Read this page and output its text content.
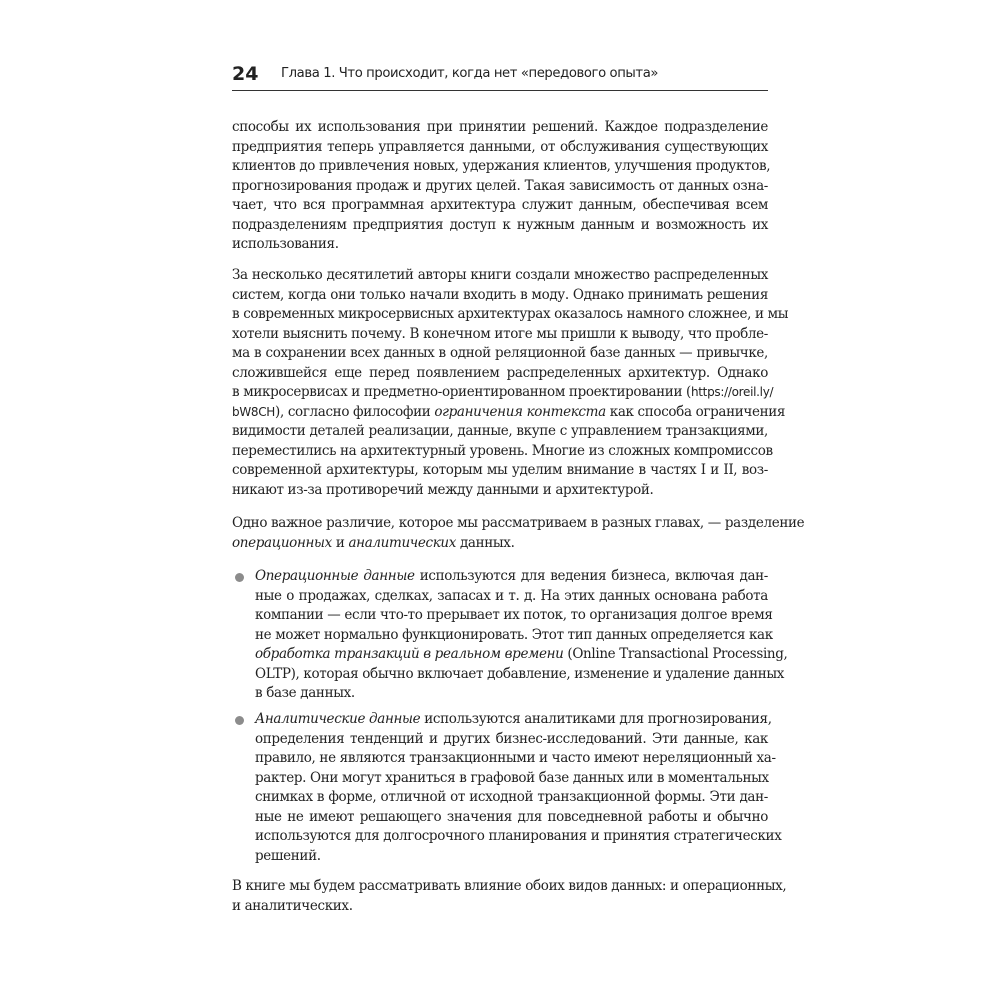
24 Глава 1. Что происходит, когда нет «передового опыта»
способы их использования при принятии решений. Каждое подразделение
предприятия теперь управляется данными, от обслуживания существующих
клиентов до привлечения новых, удержания клиентов, улучшения продуктов,
прогнозирования продаж и других целей. Такая зависимость от данных озна-
чает, что вся программная архитектура служит данным, обеспечивая всем
подразделениям предприятия доступ к нужным данным и возможность их
использования.
За несколько десятилетий авторы книги создали множество распределенных
систем, когда они только начали входить в моду. Однако принимать решения
в современных микросервисных архитектурах оказалось намного сложнее, и мы
хотели выяснить почему. В конечном итоге мы пришли к выводу, что пробле-
ма в сохранении всех данных в одной реляционной базе данных — привычке,
сложившейся еще перед появлением распределенных архитектур. Однако
в микросервисах и предметно-ориентированном проектировании (https://oreil.ly/
bW8CH), согласно философии ограничения контекста как способа ограничения
видимости деталей реализации, данные, вкупе с управлением транзакциями,
переместились на архитектурный уровень. Многие из сложных компромиссов
современной архитектуры, которым мы уделим внимание в частях I и II, воз-
никают из-за противоречий между данными и архитектурой.
Одно важное различие, которое мы рассматриваем в разных главах, — разделение
операционных и аналитических данных.
Операционные данные используются для ведения бизнеса, включая дан-
ные о продажах, сделках, запасах и т. д. На этих данных основана работа
компании — если что-то прерывает их поток, то организация долгое время
не может нормально функционировать. Этот тип данных определяется как
обработка транзакций в реальном времени (Online Transactional Processing,
OLTP), которая обычно включает добавление, изменение и удаление данных
в базе данных.
Аналитические данные используются аналитиками для прогнозирования,
определения тенденций и других бизнес-исследований. Эти данные, как
правило, не являются транзакционными и часто имеют нереляционный ха-
рактер. Они могут храниться в графовой базе данных или в моментальных
снимках в форме, отличной от исходной транзакционной формы. Эти дан-
ные не имеют решающего значения для повседневной работы и обычно
используются для долгосрочного планирования и принятия стратегических
решений.
В книге мы будем рассматривать влияние обоих видов данных: и операционных,
и аналитических.
